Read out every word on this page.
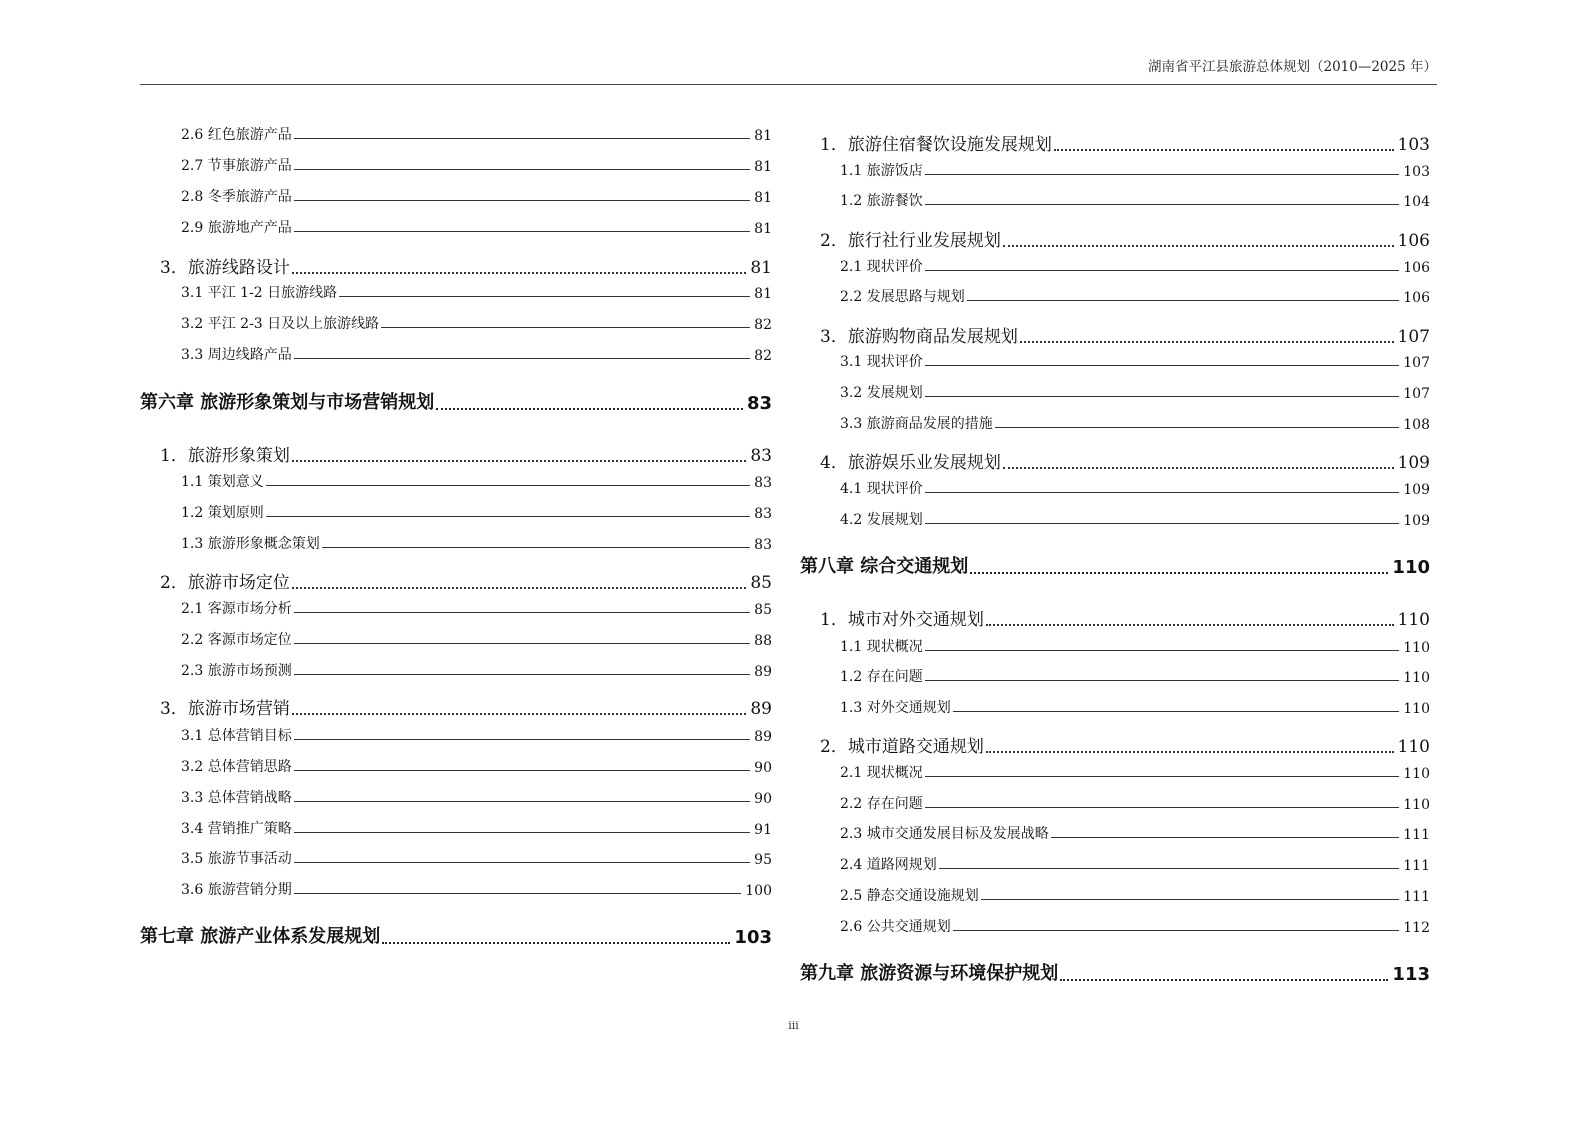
湖南省平江县旅游总体规划（2010—2025 年）
2.6 红色旅游产品	81
2.7 节事旅游产品	81
2.8 冬季旅游产品	81
2.9 旅游地产产品	81
3．旅游线路设计	81
3.1 平江 1-2 日旅游线路	81
3.2 平江 2-3 日及以上旅游线路	82
3.3 周边线路产品	82
第六章 旅游形象策划与市场营销规划	83
1．旅游形象策划	83
1.1 策划意义	83
1.2 策划原则	83
1.3 旅游形象概念策划	83
2．旅游市场定位	85
2.1 客源市场分析	85
2.2 客源市场定位	88
2.3 旅游市场预测	89
3．旅游市场营销	89
3.1 总体营销目标	89
3.2 总体营销思路	90
3.3 总体营销战略	90
3.4 营销推广策略	91
3.5 旅游节事活动	95
3.6 旅游营销分期	100
第七章 旅游产业体系发展规划	103
1．旅游住宿餐饮设施发展规划	103
1.1 旅游饭店	103
1.2 旅游餐饮	104
2．旅行社行业发展规划	106
2.1 现状评价	106
2.2 发展思路与规划	106
3．旅游购物商品发展规划	107
3.1 现状评价	107
3.2 发展规划	107
3.3 旅游商品发展的措施	108
4．旅游娱乐业发展规划	109
4.1 现状评价	109
4.2 发展规划	109
第八章 综合交通规划	110
1．城市对外交通规划	110
1.1 现状概况	110
1.2 存在问题	110
1.3 对外交通规划	110
2．城市道路交通规划	110
2.1 现状概况	110
2.2 存在问题	110
2.3 城市交通发展目标及发展战略	111
2.4 道路网规划	111
2.5 静态交通设施规划	111
2.6 公共交通规划	112
第九章 旅游资源与环境保护规划	113
iii
